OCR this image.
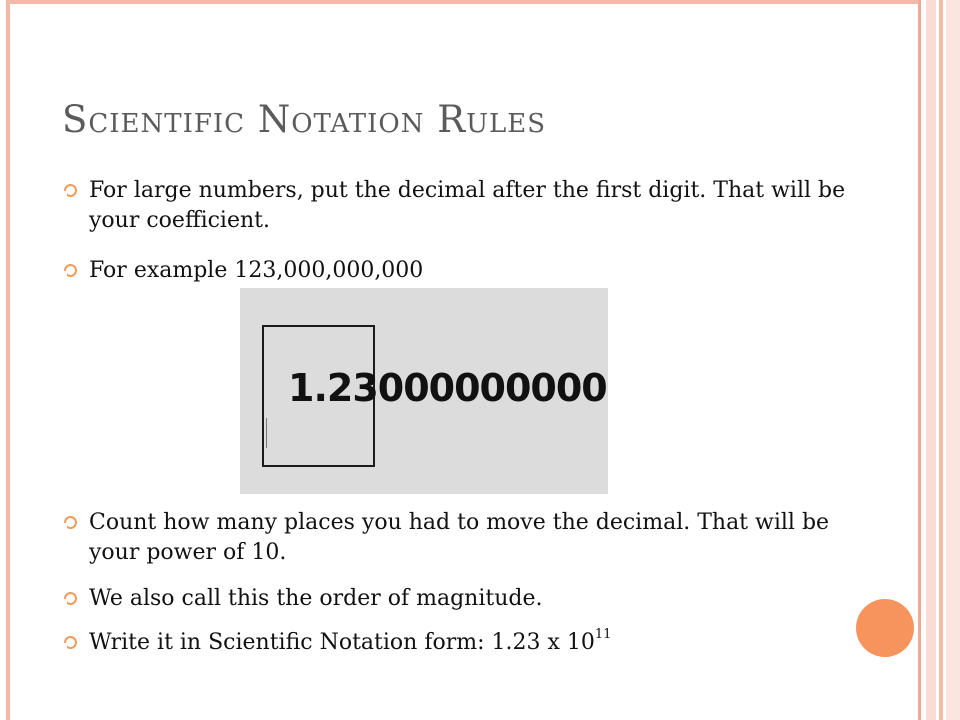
Scientific Notation Rules
For large numbers, put the decimal after the first digit. That will be your coefficient.
For example 123,000,000,000
Count how many places you had to move the decimal. That will be your power of 10.
We also call this the order of magnitude.
Write it in Scientific Notation form: 1.23 x $10^{11}$
1.23000000000
